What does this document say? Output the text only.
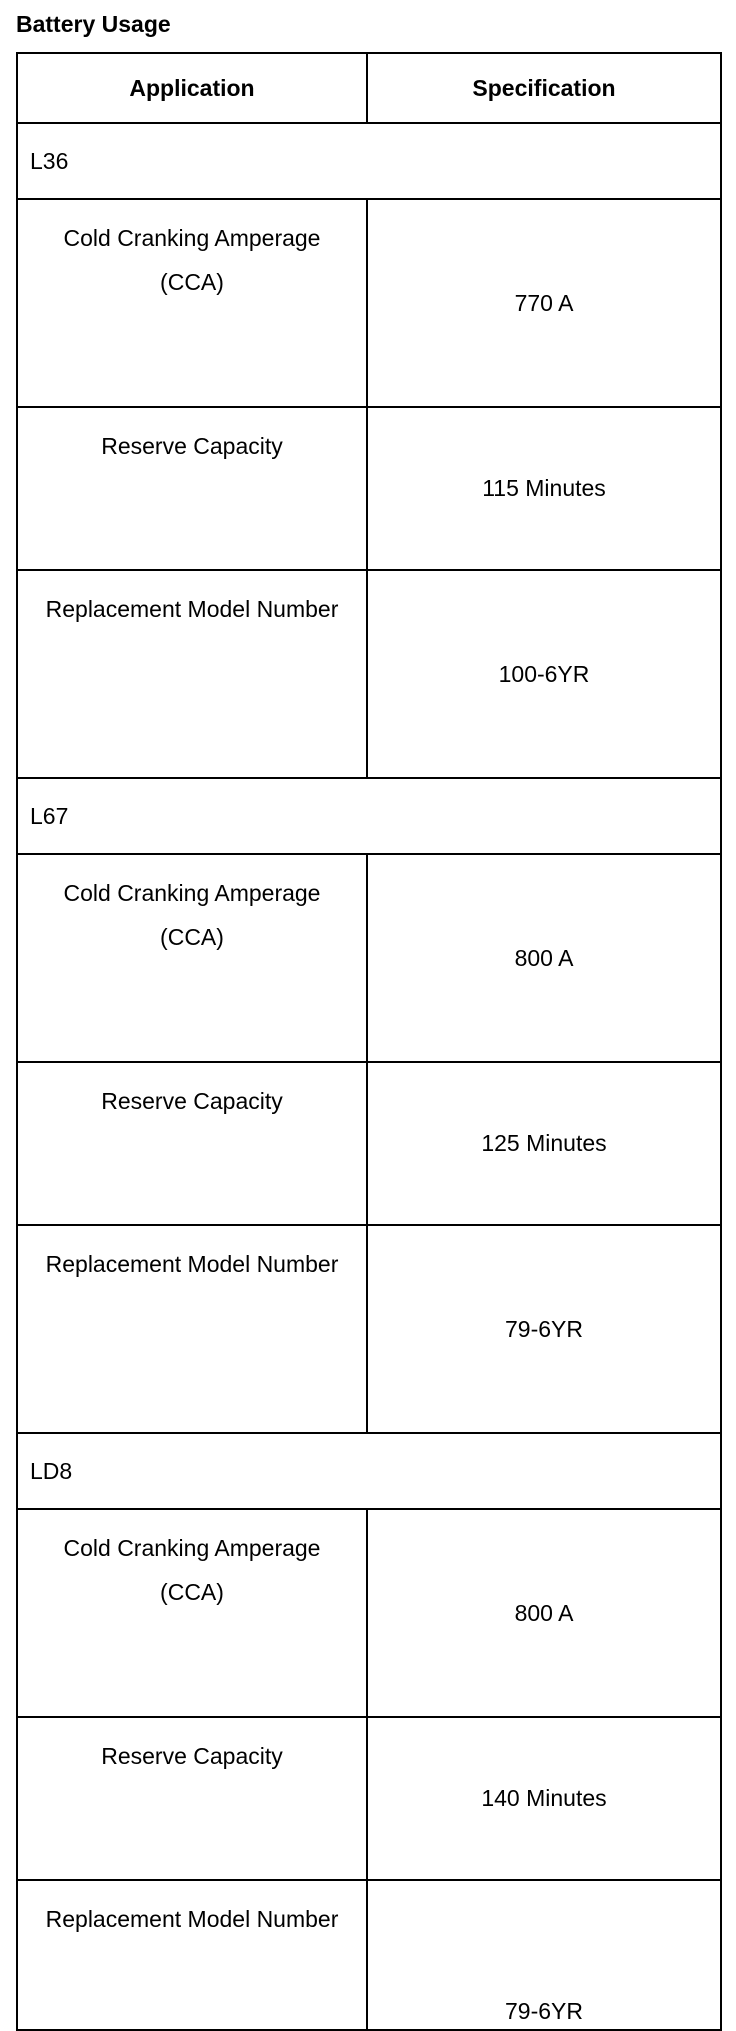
Battery Usage
Application	Specification
L36	
Cold Cranking Amperage (CCA)	770 A
Reserve Capacity	115 Minutes
Replacement Model Number	100-6YR
L67	
Cold Cranking Amperage (CCA)	800 A
Reserve Capacity	125 Minutes
Replacement Model Number	79-6YR
LD8	
Cold Cranking Amperage (CCA)	800 A
Reserve Capacity	140 Minutes
Replacement Model Number	79-6YR
